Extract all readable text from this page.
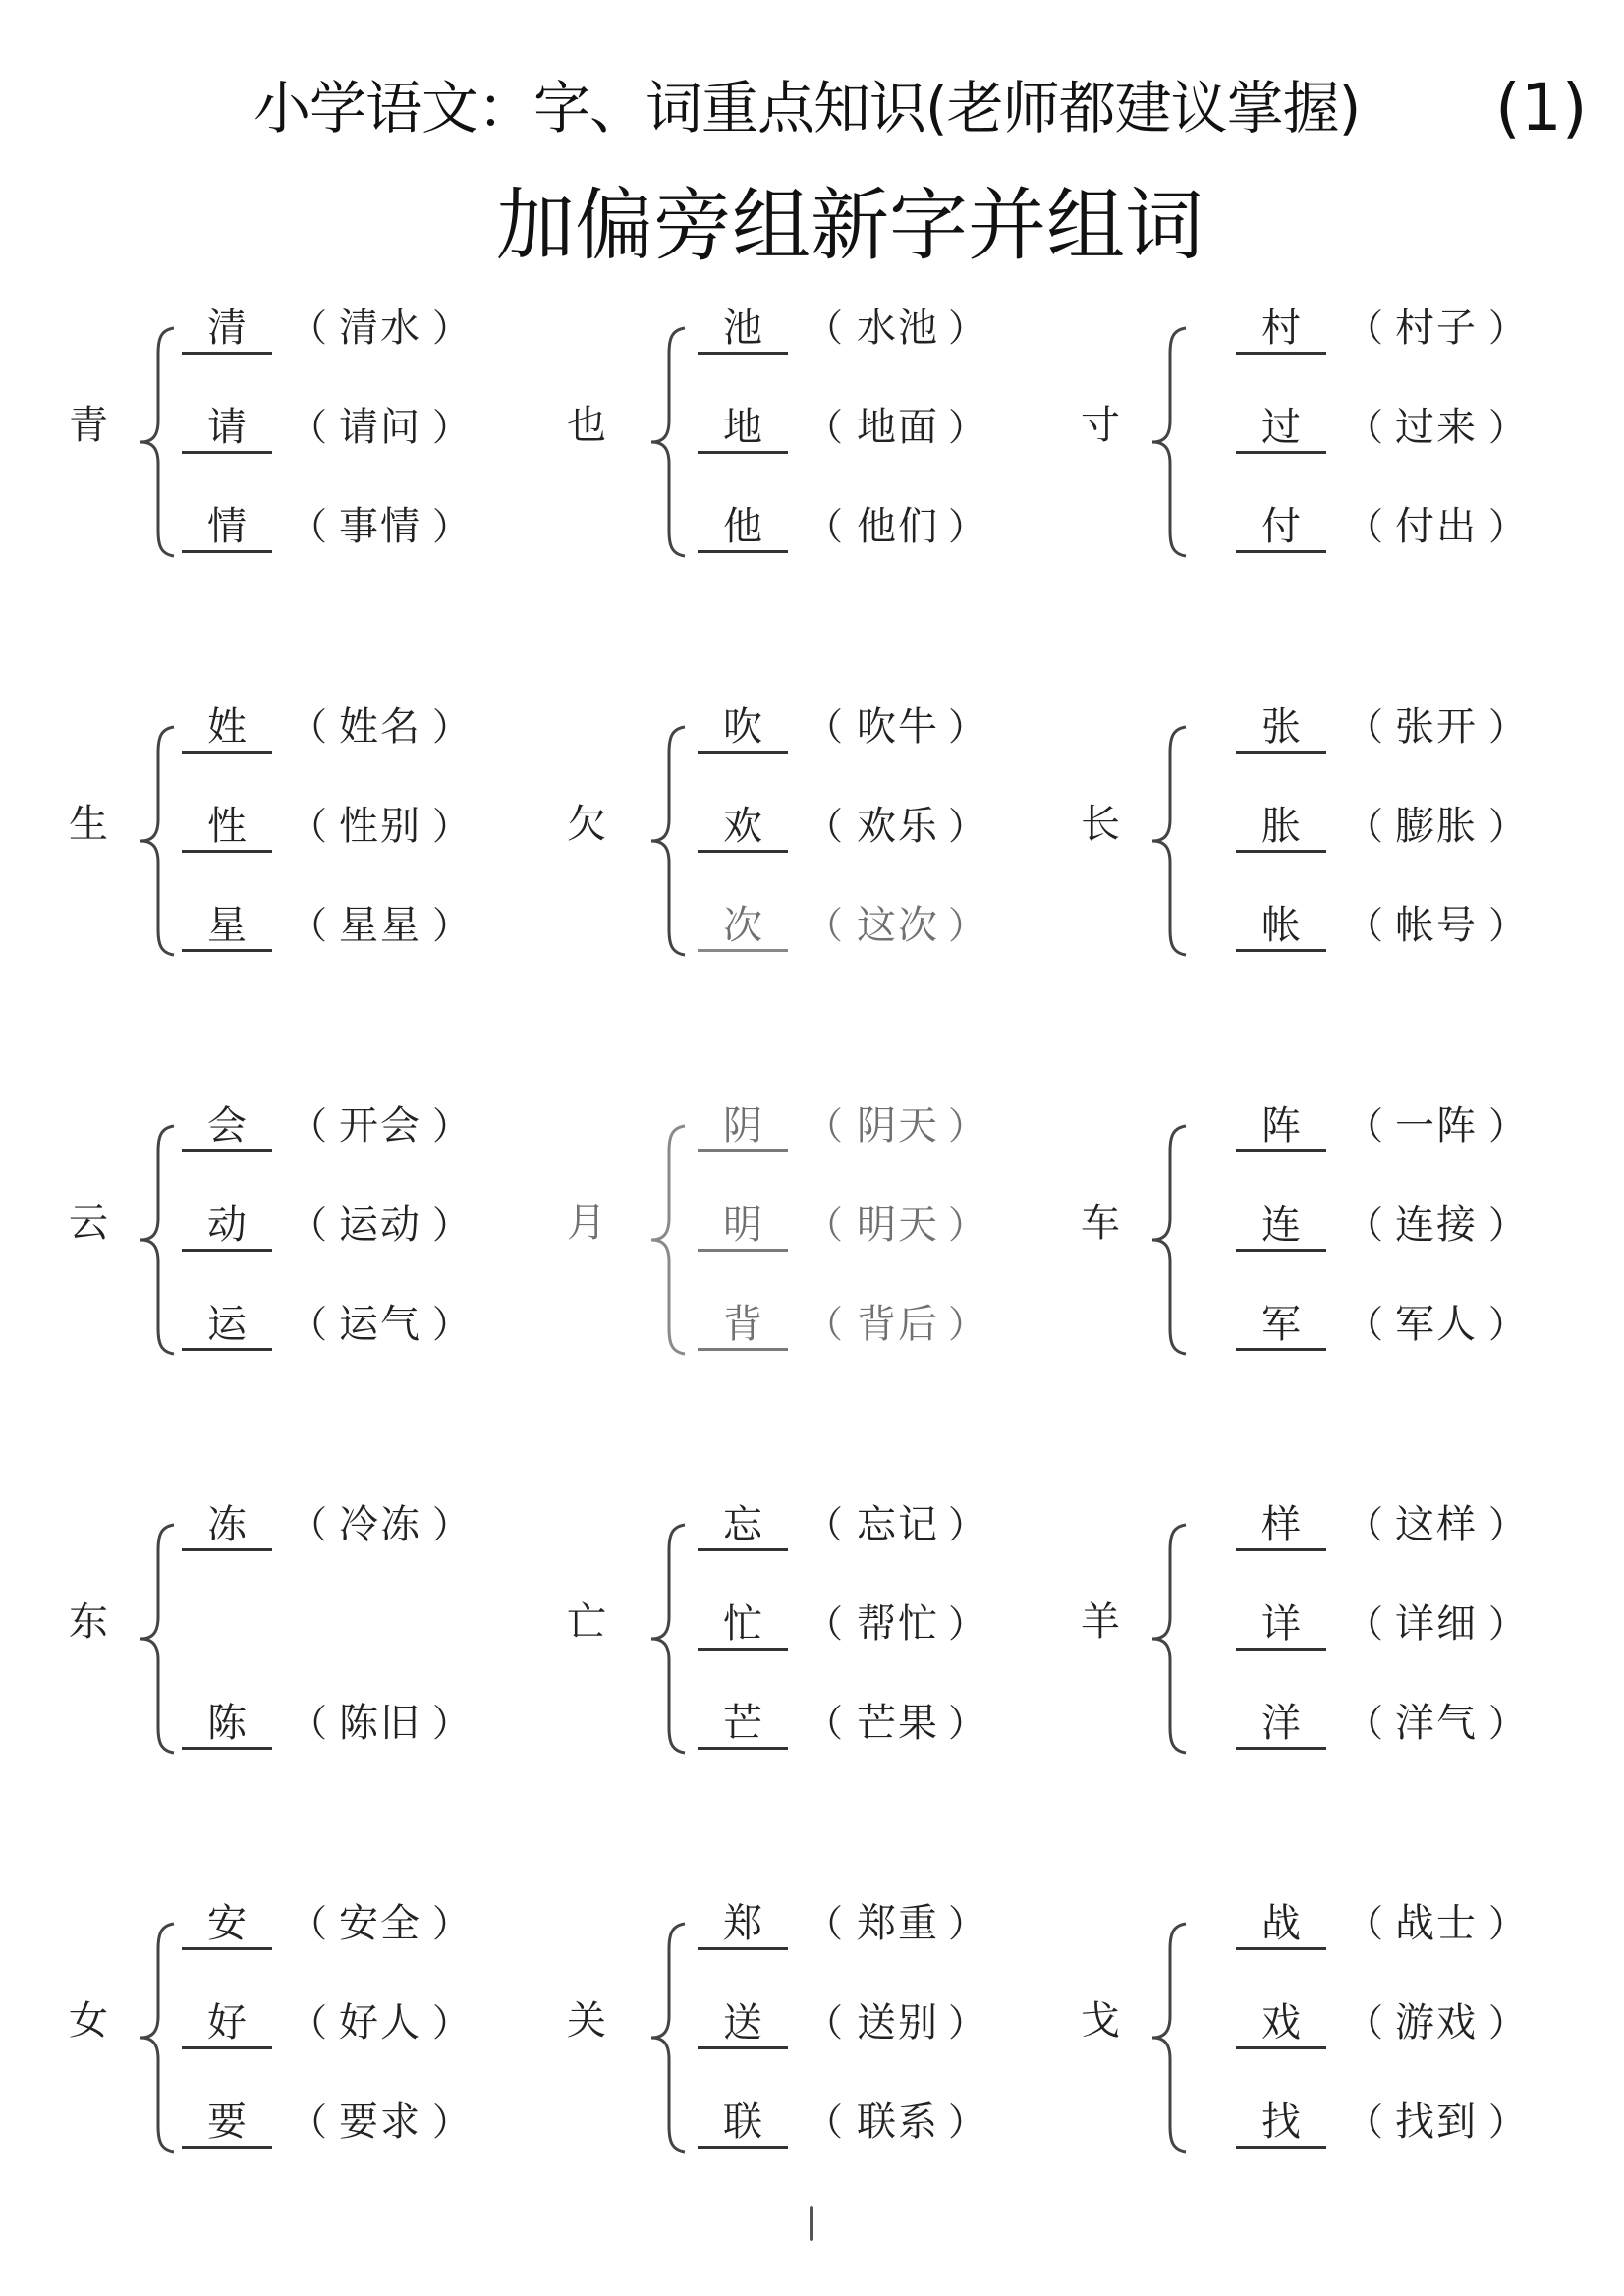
小学语文：字、词重点知识(老师都建议掌握) (1)
加偏旁组新字并组词
青
清	（ 清水 ）
请	（ 请问 ）
情	（ 事情 ）
也
池	（ 水池 ）
地	（ 地面 ）
他	（ 他们 ）
寸
村	（ 村子 ）
过	（ 过来 ）
付	（ 付出 ）
生
姓	（ 姓名 ）
性	（ 性别 ）
星	（ 星星 ）
欠
吹	（ 吹牛 ）
欢	（ 欢乐 ）
次	（ 这次 ）
长
张	（ 张开 ）
胀	（ 膨胀 ）
帐	（ 帐号 ）
云
会	（ 开会 ）
动	（ 运动 ）
运	（ 运气 ）
月
阴	（ 阴天 ）
明	（ 明天 ）
背	（ 背后 ）
车
阵	（ 一阵 ）
连	（ 连接 ）
军	（ 军人 ）
东
冻	（ 冷冻 ）
陈	（ 陈旧 ）
亡
忘	（ 忘记 ）
忙	（ 帮忙 ）
芒	（ 芒果 ）
羊
样	（ 这样 ）
详	（ 详细 ）
洋	（ 洋气 ）
女
安	（ 安全 ）
好	（ 好人 ）
要	（ 要求 ）
关
郑	（ 郑重 ）
送	（ 送别 ）
联	（ 联系 ）
戈
战	（ 战士 ）
戏	（ 游戏 ）
找	（ 找到 ）
